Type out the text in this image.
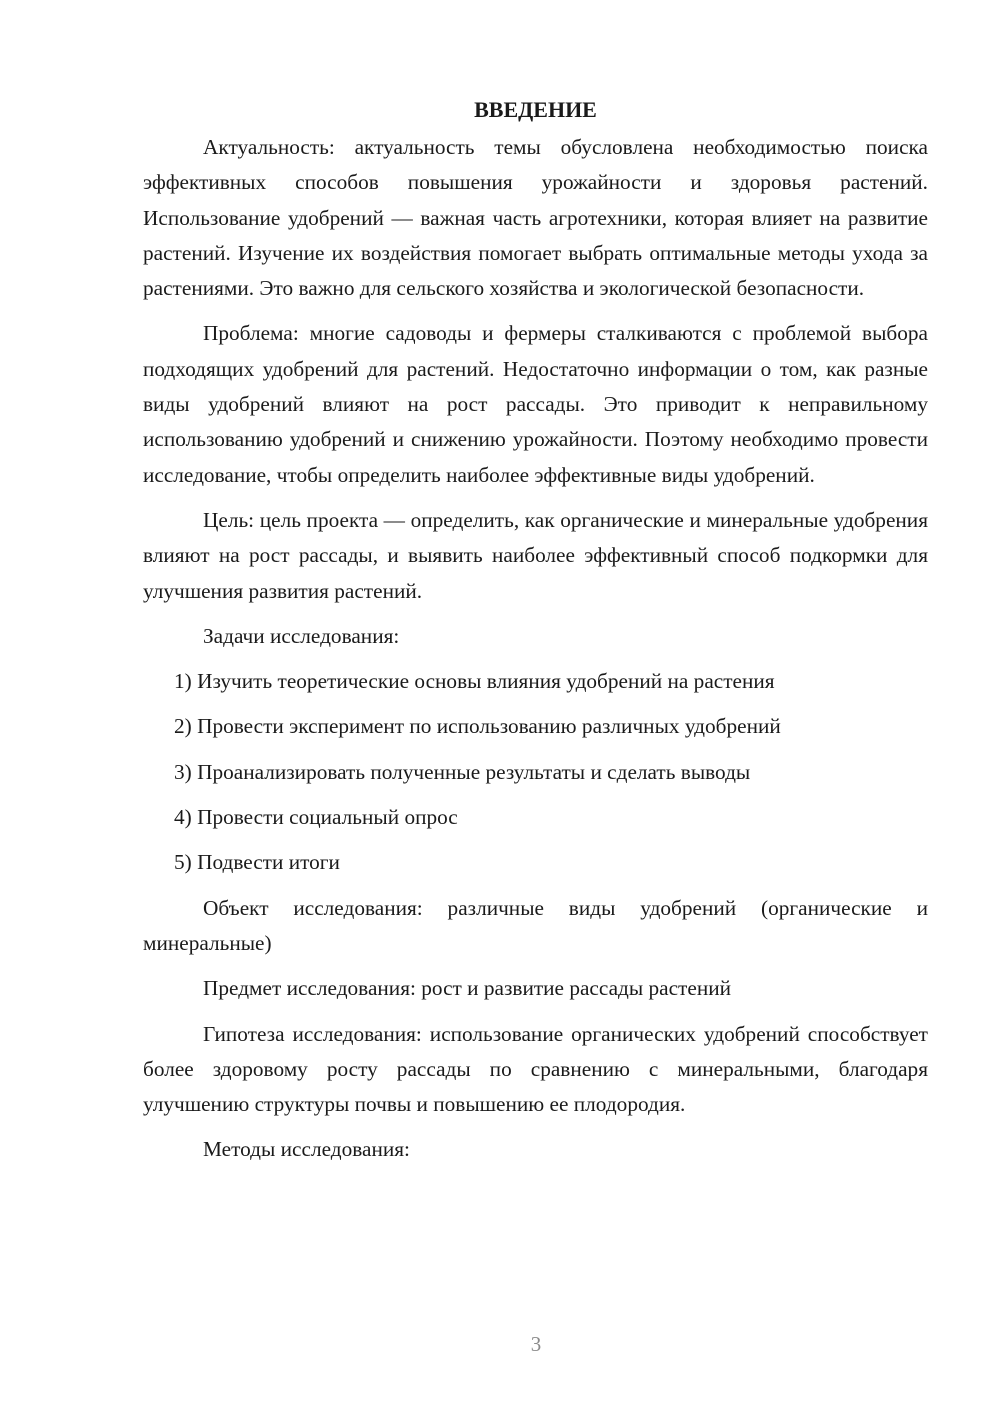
ВВЕДЕНИЕ

Актуальность: актуальность темы обусловлена необходимостью поиска эффективных способов повышения урожайности и здоровья растений. Использование удобрений — важная часть агротехники, которая влияет на развитие растений. Изучение их воздействия помогает выбрать оптимальные методы ухода за растениями. Это важно для сельского хозяйства и экологической безопасности.

Проблема: многие садоводы и фермеры сталкиваются с проблемой выбора подходящих удобрений для растений. Недостаточно информации о том, как разные виды удобрений влияют на рост рассады. Это приводит к неправильному использованию удобрений и снижению урожайности. Поэтому необходимо провести исследование, чтобы определить наиболее эффективные виды удобрений.

Цель: цель проекта — определить, как органические и минеральные удобрения влияют на рост рассады, и выявить наиболее эффективный способ подкормки для улучшения развития растений.

Задачи исследования:

1) Изучить теоретические основы влияния удобрений на растения
2) Провести эксперимент по использованию различных удобрений
3) Проанализировать полученные результаты и сделать выводы
4) Провести социальный опрос
5) Подвести итоги

Объект исследования: различные виды удобрений (органические и минеральные)

Предмет исследования: рост и развитие рассады растений

Гипотеза исследования: использование органических удобрений способствует более здоровому росту рассады по сравнению с минеральными, благодаря улучшению структуры почвы и повышению ее плодородия.

Методы исследования:

3
